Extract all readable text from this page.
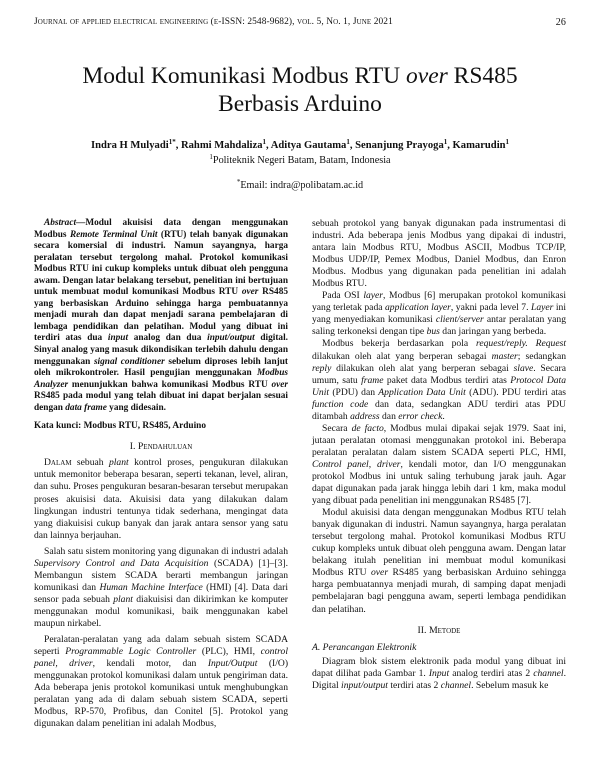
Journal of applied electrical engineering (e-ISSN: 2548-9682), vol. 5, No. 1, June 2021	26
Modul Komunikasi Modbus RTU over RS485
Berbasis Arduino
Indra H Mulyadi$^{1*}$, Rahmi Mahdaliza$^1$, Aditya Gautama$^1$, Senanjung Prayoga$^1$, Kamarudin$^1$
$^1$Politeknik Negeri Batam, Batam, Indonesia
*Email: indra@polibatam.ac.id

Abstract—Modul akuisisi data dengan menggunakan Modbus Remote Terminal Unit (RTU) telah banyak digunakan secara komersial di industri. Namun sayangnya, harga peralatan tersebut tergolong mahal. Protokol komunikasi Modbus RTU ini cukup kompleks untuk dibuat oleh pengguna awam. Dengan latar belakang tersebut, penelitian ini bertujuan untuk membuat modul komunikasi Modbus RTU over RS485 yang berbasiskan Arduino sehingga harga pembuatannya menjadi murah dan dapat menjadi sarana pembelajaran di lembaga pendidikan dan pelatihan. Modul yang dibuat ini terdiri atas dua input analog dan dua input/output digital. Sinyal analog yang masuk dikondisikan terlebih dahulu dengan menggunakan signal conditioner sebelum diproses lebih lanjut oleh mikrokontroler. Hasil pengujian menggunakan Modbus Analyzer menunjukkan bahwa komunikasi Modbus RTU over RS485 pada modul yang telah dibuat ini dapat berjalan sesuai dengan data frame yang didesain.

Kata kunci: Modbus RTU, RS485, Arduino

I. Pendahuluan

Dalam sebuah plant kontrol proses, pengukuran dilakukan untuk memonitor beberapa besaran, seperti tekanan, level, aliran, dan suhu. Proses pengukuran besaran-besaran tersebut merupakan proses akuisisi data. Akuisisi data yang dilakukan dalam lingkungan industri tentunya tidak sederhana, mengingat data yang diakuisisi cukup banyak dan jarak antara sensor yang satu dan lainnya berjauhan.

Salah satu sistem monitoring yang digunakan di industri adalah Supervisory Control and Data Acquisition (SCADA) [1]–[3]. Membangun sistem SCADA berarti membangun jaringan komunikasi dan Human Machine Interface (HMI) [4]. Data dari sensor pada sebuah plant diakuisisi dan dikirimkan ke komputer menggunakan modul komunikasi, baik menggunakan kabel maupun nirkabel.

Peralatan-peralatan yang ada dalam sebuah sistem SCADA seperti Programmable Logic Controller (PLC), HMI, control panel, driver, kendali motor, dan Input/Output (I/O) menggunakan protokol komunikasi dalam untuk pengiriman data. Ada beberapa jenis protokol komunikasi untuk menghubungkan peralatan yang ada di dalam sebuah sistem SCADA, seperti Modbus, RP-570, Profibus, dan Conitel [5]. Protokol yang digunakan dalam penelitian ini adalah Modbus,

sebuah protokol yang banyak digunakan pada instrumentasi di industri. Ada beberapa jenis Modbus yang dipakai di industri, antara lain Modbus RTU, Modbus ASCII, Modbus TCP/IP, Modbus UDP/IP, Pemex Modbus, Daniel Modbus, dan Enron Modbus. Modbus yang digunakan pada penelitian ini adalah Modbus RTU.

Pada OSI layer, Modbus [6] merupakan protokol komunikasi yang terletak pada application layer, yakni pada level 7. Layer ini yang menyediakan komunikasi client/server antar peralatan yang saling terkoneksi dengan tipe bus dan jaringan yang berbeda.

Modbus bekerja berdasarkan pola request/reply. Request dilakukan oleh alat yang berperan sebagai master; sedangkan reply dilakukan oleh alat yang berperan sebagai slave. Secara umum, satu frame paket data Modbus terdiri atas Protocol Data Unit (PDU) dan Application Data Unit (ADU). PDU terdiri atas function code dan data, sedangkan ADU terdiri atas PDU ditambah address dan error check.

Secara de facto, Modbus mulai dipakai sejak 1979. Saat ini, jutaan peralatan otomasi menggunakan protokol ini. Beberapa peralatan peralatan dalam sistem SCADA seperti PLC, HMI, Control panel, driver, kendali motor, dan I/O menggunakan protokol Modbus ini untuk saling terhubung jarak jauh. Agar dapat digunakan pada jarak hingga lebih dari 1 km, maka modul yang dibuat pada penelitian ini menggunakan RS485 [7].

Modul akuisisi data dengan menggunakan Modbus RTU telah banyak digunakan di industri. Namun sayangnya, harga peralatan tersebut tergolong mahal. Protokol komunikasi Modbus RTU cukup kompleks untuk dibuat oleh pengguna awam. Dengan latar belakang itulah penelitian ini membuat modul komunikasi Modbus RTU over RS485 yang berbasiskan Arduino sehingga harga pembuatannya menjadi murah, di samping dapat menjadi pembelajaran bagi pengguna awam, seperti lembaga pendidikan dan pelatihan.

II. Metode
A. Perancangan Elektronik

Diagram blok sistem elektronik pada modul yang dibuat ini dapat dilihat pada Gambar 1. Input analog terdiri atas 2 channel. Digital input/output terdiri atas 2 channel. Sebelum masuk ke
